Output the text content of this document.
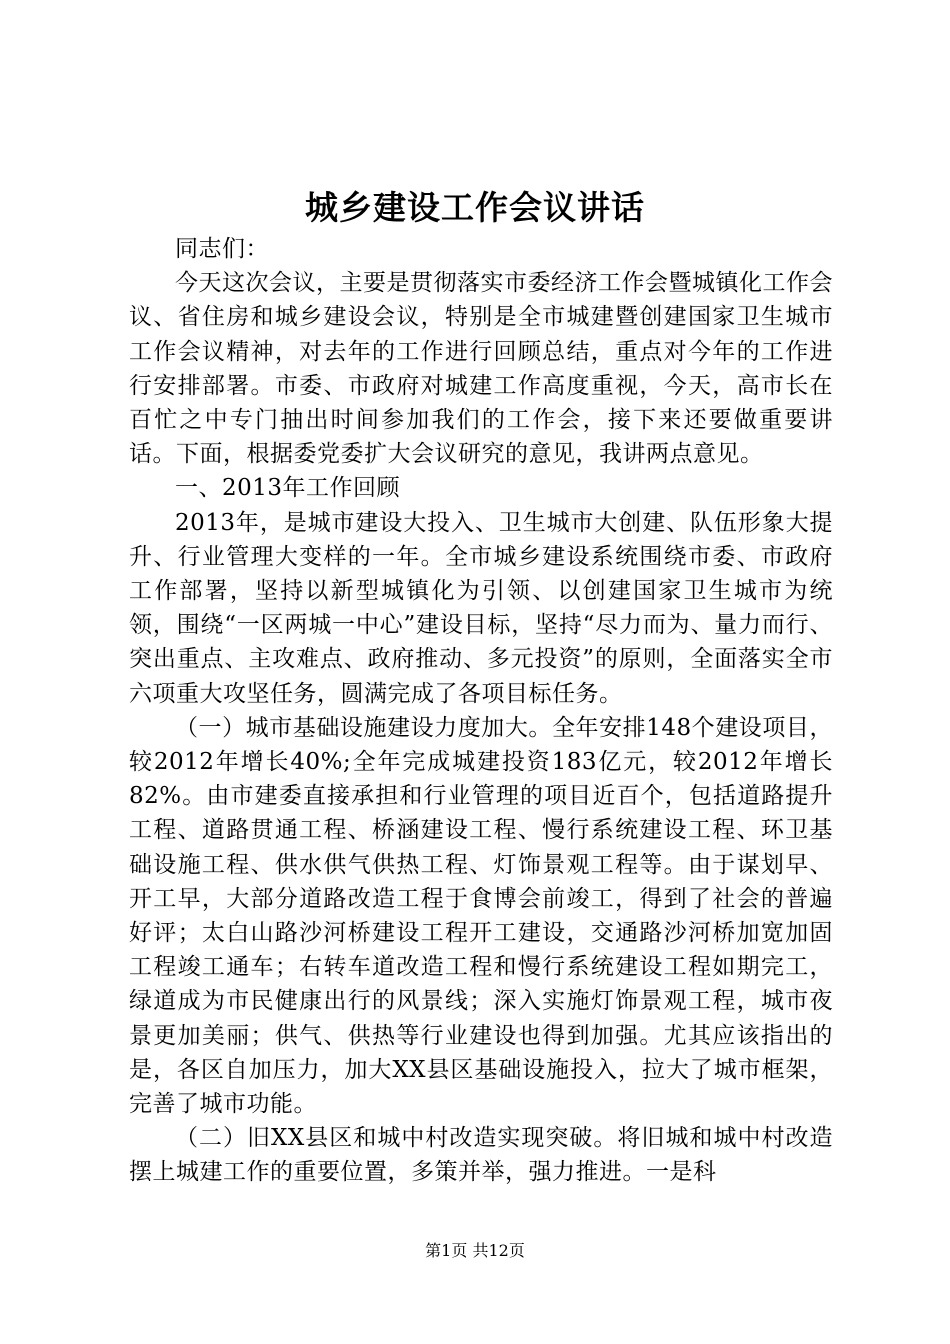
城乡建设工作会议讲话

同志们：

今天这次会议，主要是贯彻落实市委经济工作会暨城镇化工作会议、省住房和城乡建设会议，特别是全市城建暨创建国家卫生城市工作会议精神，对去年的工作进行回顾总结，重点对今年的工作进行安排部署。市委、市政府对城建工作高度重视，今天，高市长在百忙之中专门抽出时间参加我们的工作会，接下来还要做重要讲话。下面，根据委党委扩大会议研究的意见，我讲两点意见。

一、2013年工作回顾

2013年，是城市建设大投入、卫生城市大创建、队伍形象大提升、行业管理大变样的一年。全市城乡建设系统围绕市委、市政府工作部署，坚持以新型城镇化为引领、以创建国家卫生城市为统领，围绕“一区两城一中心”建设目标，坚持“尽力而为、量力而行、突出重点、主攻难点、政府推动、多元投资”的原则，全面落实全市六项重大攻坚任务，圆满完成了各项目标任务。

（一）城市基础设施建设力度加大。全年安排148个建设项目，较2012年增长40%;全年完成城建投资183亿元，较2012年增长82%。由市建委直接承担和行业管理的项目近百个，包括道路提升工程、道路贯通工程、桥涵建设工程、慢行系统建设工程、环卫基础设施工程、供水供气供热工程、灯饰景观工程等。由于谋划早、开工早，大部分道路改造工程于食博会前竣工，得到了社会的普遍好评；太白山路沙河桥建设工程开工建设，交通路沙河桥加宽加固工程竣工通车；右转车道改造工程和慢行系统建设工程如期完工，绿道成为市民健康出行的风景线；深入实施灯饰景观工程，城市夜景更加美丽；供气、供热等行业建设也得到加强。尤其应该指出的是，各区自加压力，加大XX县区基础设施投入，拉大了城市框架，完善了城市功能。

（二）旧XX县区和城中村改造实现突破。将旧城和城中村改造摆上城建工作的重要位置，多策并举，强力推进。一是科

第1页 共12页
